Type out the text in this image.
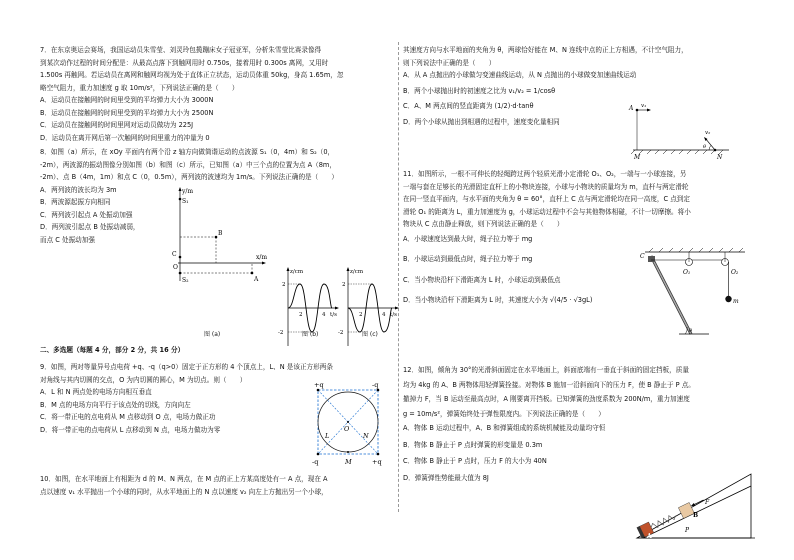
7．在东京奥运会赛场，我国运动员朱雪莹、刘灵玲包揽蹦床女子冠亚军，分析朱雪莹比赛录像得

到某次动作过程的时间分配是：从最高点落下到触网用时 0.750s，接着用时 0.300s 离网，又用时

1.500s 再触网。若运动员在离网和触网均视为处于直体正立状态，运动员体重 50kg，身高 1.65m，忽

略空气阻力，重力加速度 g 取 10m/s²，下列说法正确的是（　　）

A．运动员在接触网的时间里受到的平均弹力大小为 3000N

B．运动员在接触网的时间里受到的平均弹力大小为 2500N

C．运动员在接触网的时间里网对运动员做功为 225J

D．运动员在离开网后第一次触网的时间里重力的冲量为 0

8．如图（a）所示，在 xOy 平面内有两个沿 z 轴方向做简谐运动的点波源 S₁（0，4m）和 S₂（0，

-2m），两波源的振动图像分别如图（b）和图（c）所示，已知图（a）中三个点的位置为点 A（8m，

-2m）、点 B（4m，1m）和点 C（0，0.5m），两列波的波速均为 1m/s。下列说法正确的是（　　）

A．两列波的波长均为 3m

B．两波源起振方向相同

C．两列波引起点 A 处振动加强

D．两列波引起点 B 处振动减弱，

而点 C 处振动加强

y/m
x/m
O
S₁
S₂	A
B
C
图 (a)
z/cm
t/s
2
-2
2	4
图 (b)
z/cm
t/s
2
-2
2	4
图 (c)

二、多选题（每题 4 分，部分 2 分，共 16 分）

9．如图，两对等量异号点电荷 +q、-q（q>0）固定于正方形的 4 个顶点上，L、N 是该正方形两条

对角线与其内切圆的交点，O 为内切圆的圆心，M 为切点。则（　　）

A．L 和 N 两点处的电场方向相互垂直

B．M 点的电场方向平行于该点处的切线，方向向左

C．将一带正电的点电荷从 M 点移动到 O 点，电场力做正功

D．将一带正电的点电荷从 L 点移动到 N 点，电场力做功为零

+q	-q
-q	+q
L	N
O
M

10．如图，在水平地面上有相距为 d 的 M、N 两点，在 M 点的正上方某高度处有一 A 点，现在 A

点以速度 v₁ 水平抛出一个小球的同时，从水平地面上的 N 点以速度 v₂ 向左上方抛出另一个小球，

其速度方向与水平地面的夹角为 θ，两球恰好能在 M、N 连线中点的正上方相遇，不计空气阻力，

则下列说法中正确的是（　　）

A．从 A 点抛出的小球做匀变速曲线运动，从 N 点抛出的小球做变加速曲线运动

B．两个小球抛出时的初速度之比为 v₁/v₂ = 1/cosθ

C．A、M 两点间的竖直距离为 (1/2)·d·tanθ

D．两个小球从抛出到相遇的过程中，速度变化量相同

A v₁
M	N
v₂
θ

11．如图所示，一根不可伸长的轻绳跨过两个轻质光滑小定滑轮 O₁、O₂，一端与一小球连接，另

一端与套在足够长的光滑固定直杆上的小物块连接，小球与小物块的质量均为 m，直杆与两定滑轮

在同一竖直平面内，与水平面的夹角为 θ = 60°，直杆上 C 点与两定滑轮均在同一高度，C 点到定

滑轮 O₁ 的距离为 L，重力加速度为 g，小球运动过程中不会与其他物体相碰，不计一切摩擦。将小

物块从 C 点由静止释放，则下列说法正确的是（　　）

A．小球速度达到最大时，绳子拉力等于 mg

B．小球运动到最低点时，绳子拉力等于 mg

C．当小物块沿杆下滑距离为 L 时，小球运动到最低点

D．当小物块沿杆下滑距离为 L 时，其速度大小为 √(4/5 · √3gL)

C
O₁	O₂
m
θ

12．如图，倾角为 30°的光滑斜面固定在水平地面上，斜面底端有一垂直于斜面的固定挡板，质量

均为 4kg 的 A、B 两物体用轻弹簧拴接。对物体 B 施加一沿斜面向下的压力 F，使 B 静止于 P 点。

撤掉力 F，当 B 运动至最高点时，A 刚要离开挡板。已知弹簧的劲度系数为 200N/m，重力加速度

g = 10m/s²，弹簧始终处于弹性限度内。下列说法正确的是（　　）

A．物体 B 运动过程中，A、B 和弹簧组成的系统机械能及动量均守恒

B．物体 B 静止于 P 点时弹簧的形变量是 0.3m

C．物体 B 静止于 P 点时，压力 F 的大小为 40N

D．弹簧弹性势能最大值为 8J

A
B
F
P
